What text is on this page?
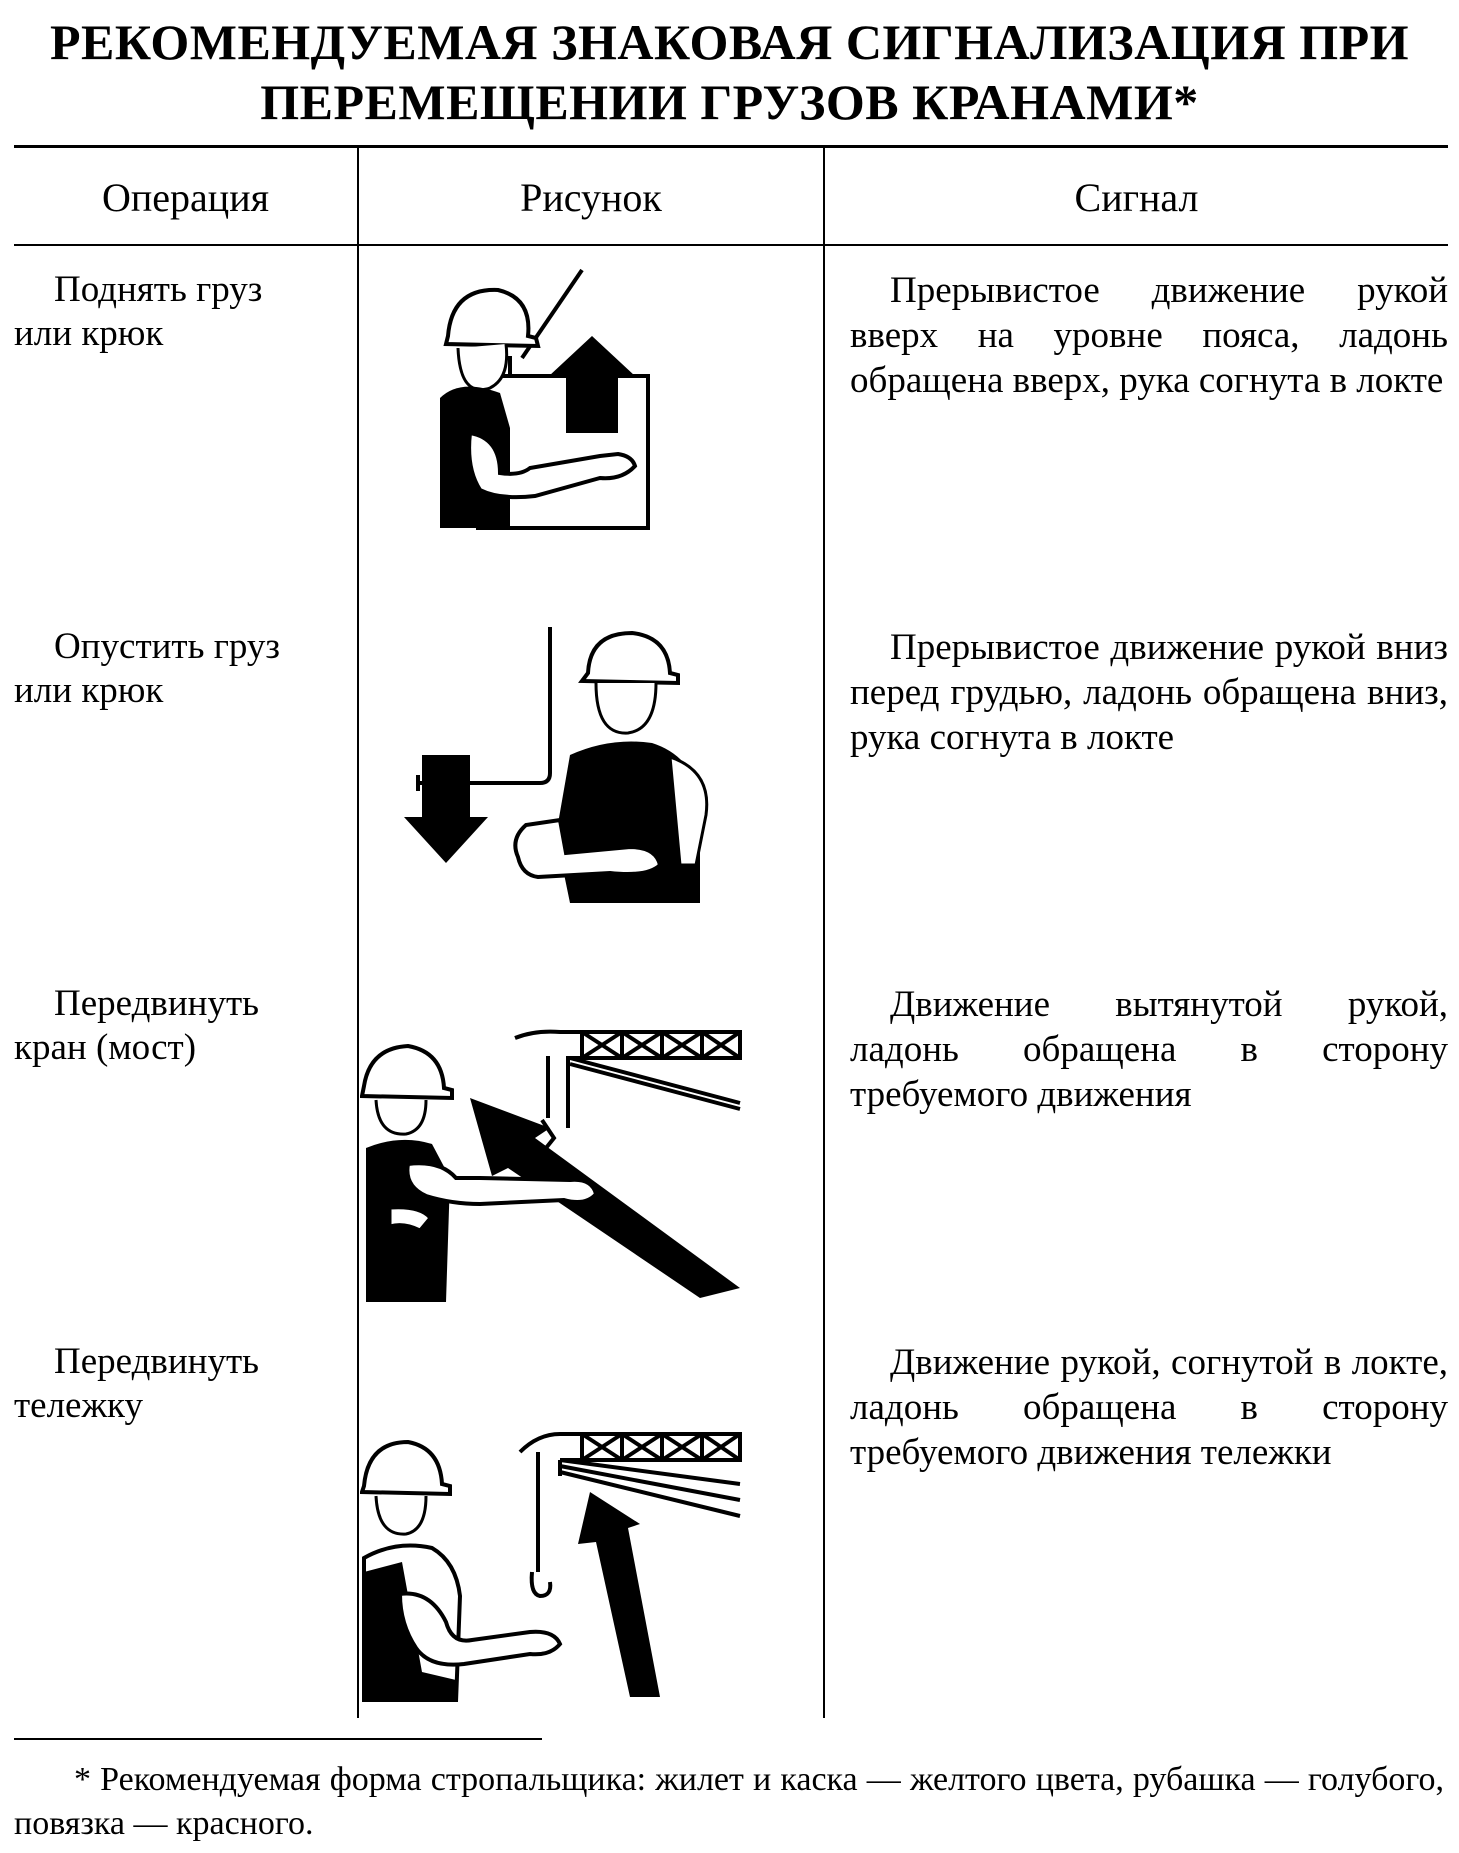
РЕКОМЕНДУЕМАЯ ЗНАКОВАЯ СИГНАЛИЗАЦИЯ ПРИ
ПЕРЕМЕЩЕНИИ ГРУЗОВ КРАНАМИ*
Операция	Рисунок	Сигнал
Поднять груз
или крюк
Прерывистое движение рукой вверх на уровне пояса, ладонь обращена вверх, рука согнута в локте
Опустить груз
или крюк
Прерывистое движение рукой вниз перед грудью, ладонь обращена вниз, рука согнута в локте
Передвинуть
кран (мост)
Движение вытянутой рукой, ладонь обращена в сторону требуемого движения
Передвинуть
тележку
Движение рукой, согнутой в локте, ладонь обращена в сторону требуемого движения тележки
* Рекомендуемая форма стропальщика: жилет и каска — желтого цвета, рубашка — голубого, повязка — красного.
